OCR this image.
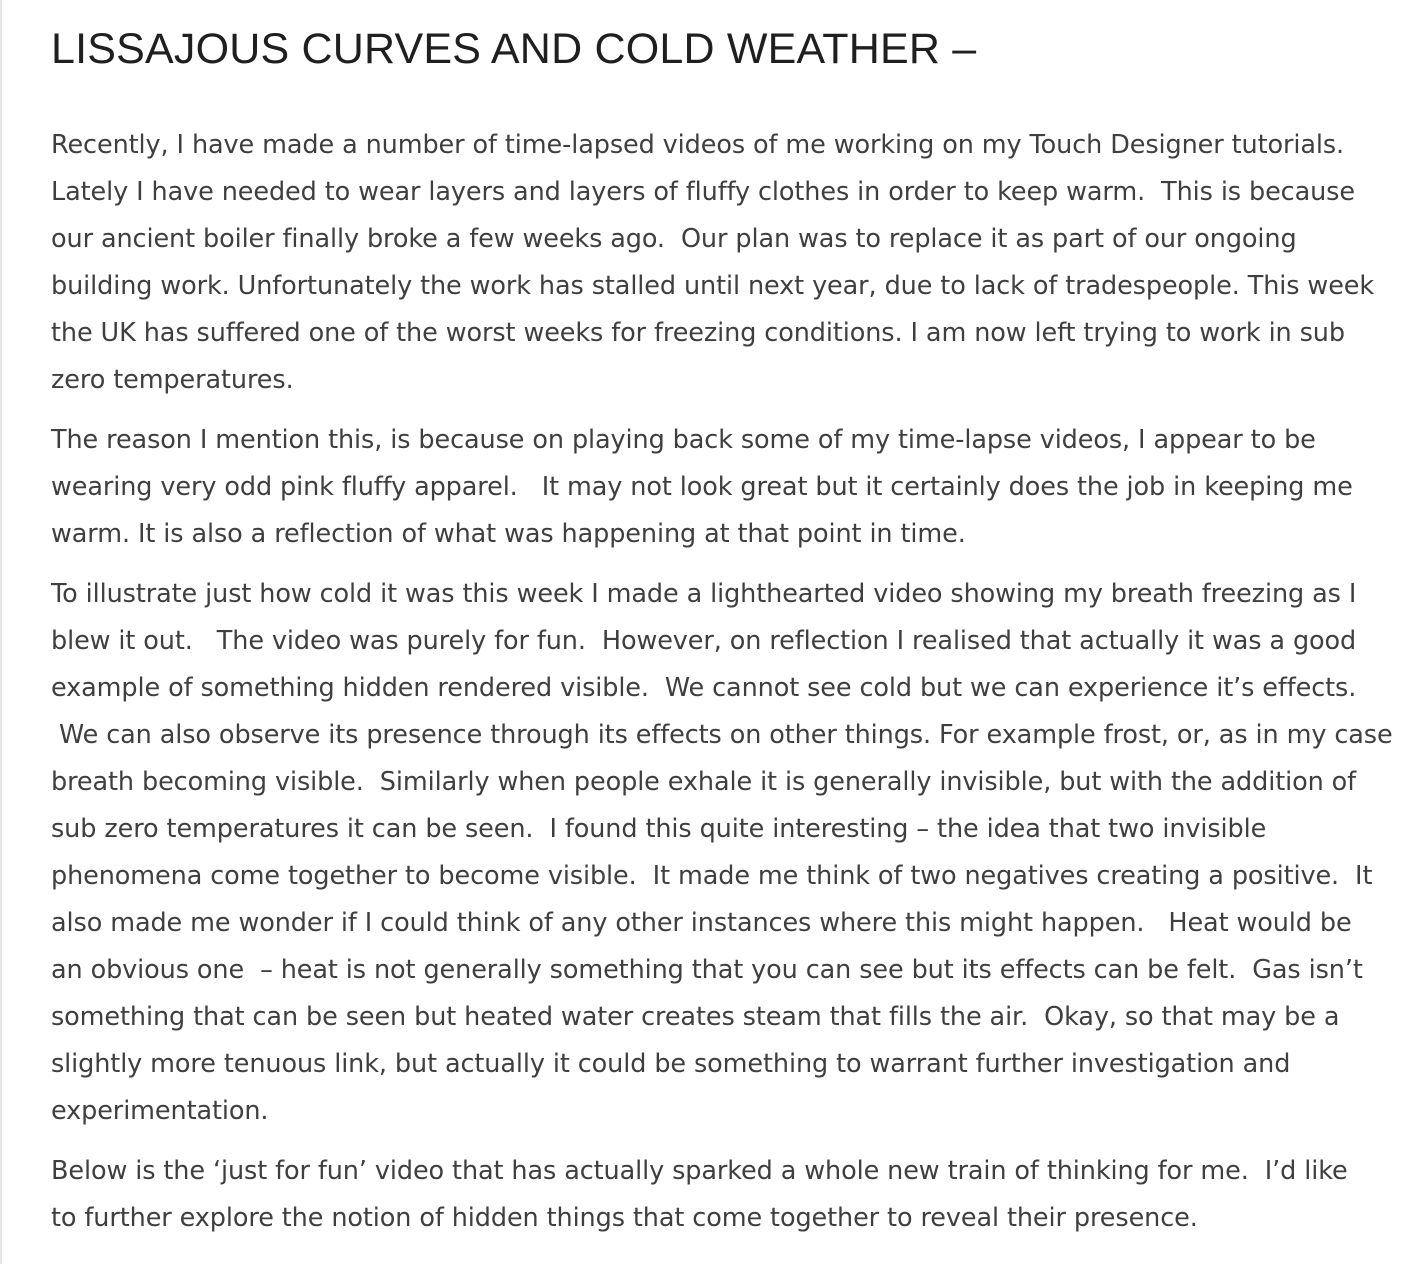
LISSAJOUS CURVES AND COLD WEATHER –
Recently, I have made a number of time-lapsed videos of me working on my Touch Designer tutorials.
Lately I have needed to wear layers and layers of fluffy clothes in order to keep warm.  This is because
our ancient boiler finally broke a few weeks ago.  Our plan was to replace it as part of our ongoing
building work. Unfortunately the work has stalled until next year, due to lack of tradespeople. This week
the UK has suffered one of the worst weeks for freezing conditions. I am now left trying to work in sub
zero temperatures.
The reason I mention this, is because on playing back some of my time-lapse videos, I appear to be
wearing very odd pink fluffy apparel.   It may not look great but it certainly does the job in keeping me
warm. It is also a reflection of what was happening at that point in time.
To illustrate just how cold it was this week I made a lighthearted video showing my breath freezing as I
blew it out.   The video was purely for fun.  However, on reflection I realised that actually it was a good
example of something hidden rendered visible.  We cannot see cold but we can experience it’s effects.
We can also observe its presence through its effects on other things. For example frost, or, as in my case
breath becoming visible.  Similarly when people exhale it is generally invisible, but with the addition of
sub zero temperatures it can be seen.  I found this quite interesting – the idea that two invisible
phenomena come together to become visible.  It made me think of two negatives creating a positive.  It
also made me wonder if I could think of any other instances where this might happen.   Heat would be
an obvious one  – heat is not generally something that you can see but its effects can be felt.  Gas isn’t
something that can be seen but heated water creates steam that fills the air.  Okay, so that may be a
slightly more tenuous link, but actually it could be something to warrant further investigation and
experimentation.
Below is the ‘just for fun’ video that has actually sparked a whole new train of thinking for me.  I’d like
to further explore the notion of hidden things that come together to reveal their presence.
